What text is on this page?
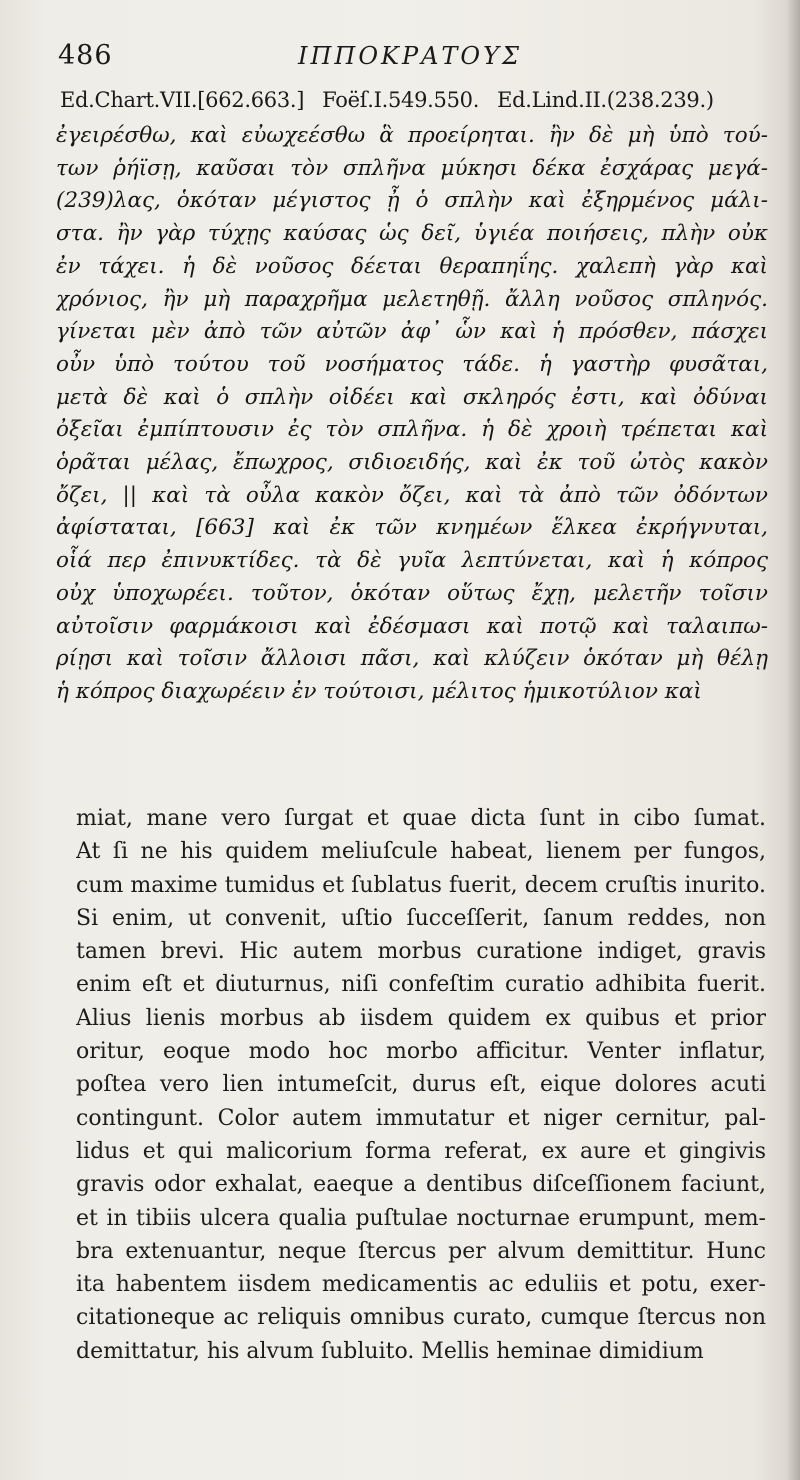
486	ΙΠΠΟΚΡΑΤΟΥΣ
Ed.Chart.VII.[662.663.] Foëſ.I.549.550. Ed.Lind.II.(238.239.)
ἐγειρέσθω, καὶ εὐωχεέσθω ἃ προείρηται. ἢν δὲ μὴ ὑπὸ τού-
των ῥήϊσῃ, καῦσαι τὸν σπλῆνα μύκησι δέκα ἐσχάρας μεγά-
(239)λας, ὁκόταν μέγιστος ᾖ ὁ σπλὴν καὶ ἐξηρμένος μάλι-
στα. ἢν γὰρ τύχῃς καύσας ὡς δεῖ, ὑγιέα ποιήσεις, πλὴν οὐκ
ἐν τάχει. ἡ δὲ νοῦσος δέεται θεραπηΐης. χαλεπὴ γὰρ καὶ
χρόνιος, ἢν μὴ παραχρῆμα μελετηθῇ. ἄλλη νοῦσος σπληνός.
γίνεται μὲν ἀπὸ τῶν αὐτῶν ἀφ᾽ ὧν καὶ ἡ πρόσθεν, πάσχει
οὖν ὑπὸ τούτου τοῦ νοσήματος τάδε. ἡ γαστὴρ φυσᾶται,
μετὰ δὲ καὶ ὁ σπλὴν οἰδέει καὶ σκληρός ἐστι, καὶ ὀδύναι
ὀξεῖαι ἐμπίπτουσιν ἐς τὸν σπλῆνα. ἡ δὲ χροιὴ τρέπεται καὶ
ὁρᾶται μέλας, ἔπωχρος, σιδιοειδής, καὶ ἐκ τοῦ ὠτὸς κακὸν
ὄζει, || καὶ τὰ οὖλα κακὸν ὄζει, καὶ τὰ ἀπὸ τῶν ὀδόντων
ἀφίσταται, [663] καὶ ἐκ τῶν κνημέων ἕλκεα ἐκρήγνυται,
οἷά περ ἐπινυκτίδες. τὰ δὲ γυῖα λεπτύνεται, καὶ ἡ κόπρος
οὐχ ὑποχωρέει. τοῦτον, ὁκόταν οὕτως ἔχῃ, μελετῆν τοῖσιν
αὐτοῖσιν φαρμάκοισι καὶ ἐδέσμασι καὶ ποτῷ καὶ ταλαιπω-
ρίῃσι καὶ τοῖσιν ἄλλοισι πᾶσι, καὶ κλύζειν ὁκόταν μὴ θέλῃ
ἡ κόπρος διαχωρέειν ἐν τούτοισι, μέλιτος ἡμικοτύλιον καὶ
miat, mane vero ſurgat et quae dicta ſunt in cibo ſumat.
At ſi ne his quidem meliuſcule habeat, lienem per fungos,
cum maxime tumidus et ſublatus fuerit, decem cruſtis inurito.
Si enim, ut convenit, uſtio ſucceſſerit, ſanum reddes, non
tamen brevi. Hic autem morbus curatione indiget, gravis
enim eſt et diuturnus, niſi confeſtim curatio adhibita fuerit.
Alius lienis morbus ab iisdem quidem ex quibus et prior
oritur, eoque modo hoc morbo afficitur. Venter inflatur,
poſtea vero lien intumeſcit, durus eſt, eique dolores acuti
contingunt. Color autem immutatur et niger cernitur, pal-
lidus et qui malicorium forma referat, ex aure et gingivis
gravis odor exhalat, eaeque a dentibus diſceſſionem faciunt,
et in tibiis ulcera qualia puſtulae nocturnae erumpunt, mem-
bra extenuantur, neque ſtercus per alvum demittitur. Hunc
ita habentem iisdem medicamentis ac eduliis et potu, exer-
citationeque ac reliquis omnibus curato, cumque ſtercus non
demittatur, his alvum ſubluito. Mellis heminae dimidium
